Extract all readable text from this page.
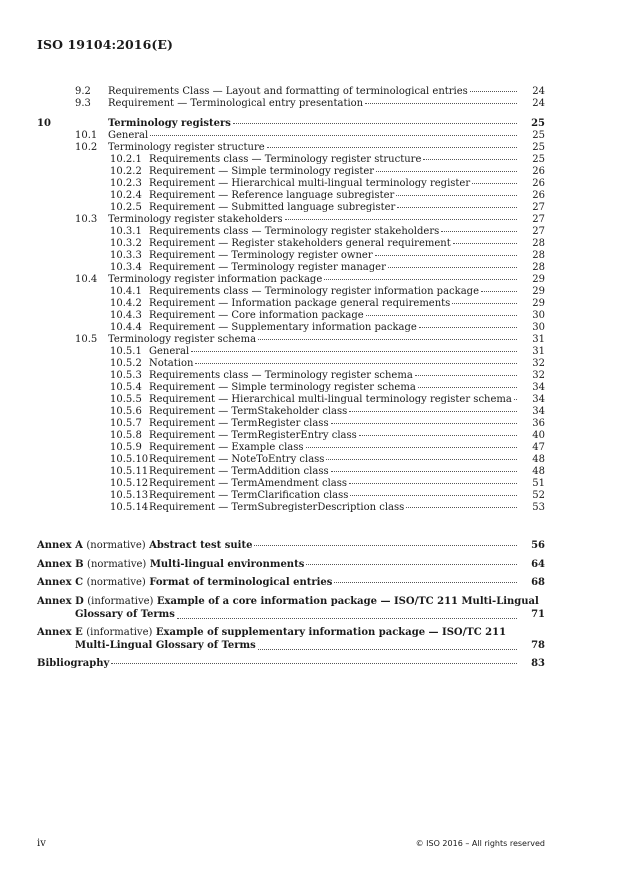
ISO 19104:2016(E)
9.2 Requirements Class — Layout and formatting of terminological entries	24
9.3 Requirement — Terminological entry presentation	24
10	Terminology registers	25
10.1 General	25
10.2 Terminology register structure	25
10.2.1 Requirements class — Terminology register structure	25
10.2.2 Requirement — Simple terminology register	26
10.2.3 Requirement — Hierarchical multi-lingual terminology register	26
10.2.4 Requirement — Reference language subregister	26
10.2.5 Requirement — Submitted language subregister	27
10.3 Terminology register stakeholders	27
10.3.1 Requirements class — Terminology register stakeholders	27
10.3.2 Requirement — Register stakeholders general requirement	28
10.3.3 Requirement — Terminology register owner	28
10.3.4 Requirement — Terminology register manager	28
10.4 Terminology register information package	29
10.4.1 Requirements class — Terminology register information package	29
10.4.2 Requirement — Information package general requirements	29
10.4.3 Requirement — Core information package	30
10.4.4 Requirement — Supplementary information package	30
10.5 Terminology register schema	31
10.5.1 General	31
10.5.2 Notation	32
10.5.3 Requirements class — Terminology register schema	32
10.5.4 Requirement — Simple terminology register schema	34
10.5.5 Requirement — Hierarchical multi-lingual terminology register schema	34
10.5.6 Requirement — TermStakeholder class	34
10.5.7 Requirement — TermRegister class	36
10.5.8 Requirement — TermRegisterEntry class	40
10.5.9 Requirement — Example class	47
10.5.10 Requirement — NoteToEntry class	48
10.5.11 Requirement — TermAddition class	48
10.5.12 Requirement — TermAmendment class	51
10.5.13 Requirement — TermClarification class	52
10.5.14 Requirement — TermSubregisterDescription class	53
Annex A (normative) Abstract test suite	56
Annex B (normative) Multi-lingual environments	64
Annex C (normative) Format of terminological entries	68
Annex D (informative) Example of a core information package — ISO/TC 211 Multi-Lingual
Glossary of Terms	71
Annex E (informative) Example of supplementary information package — ISO/TC 211
Multi-Lingual Glossary of Terms	78
Bibliography	83
iv	© ISO 2016 – All rights reserved
